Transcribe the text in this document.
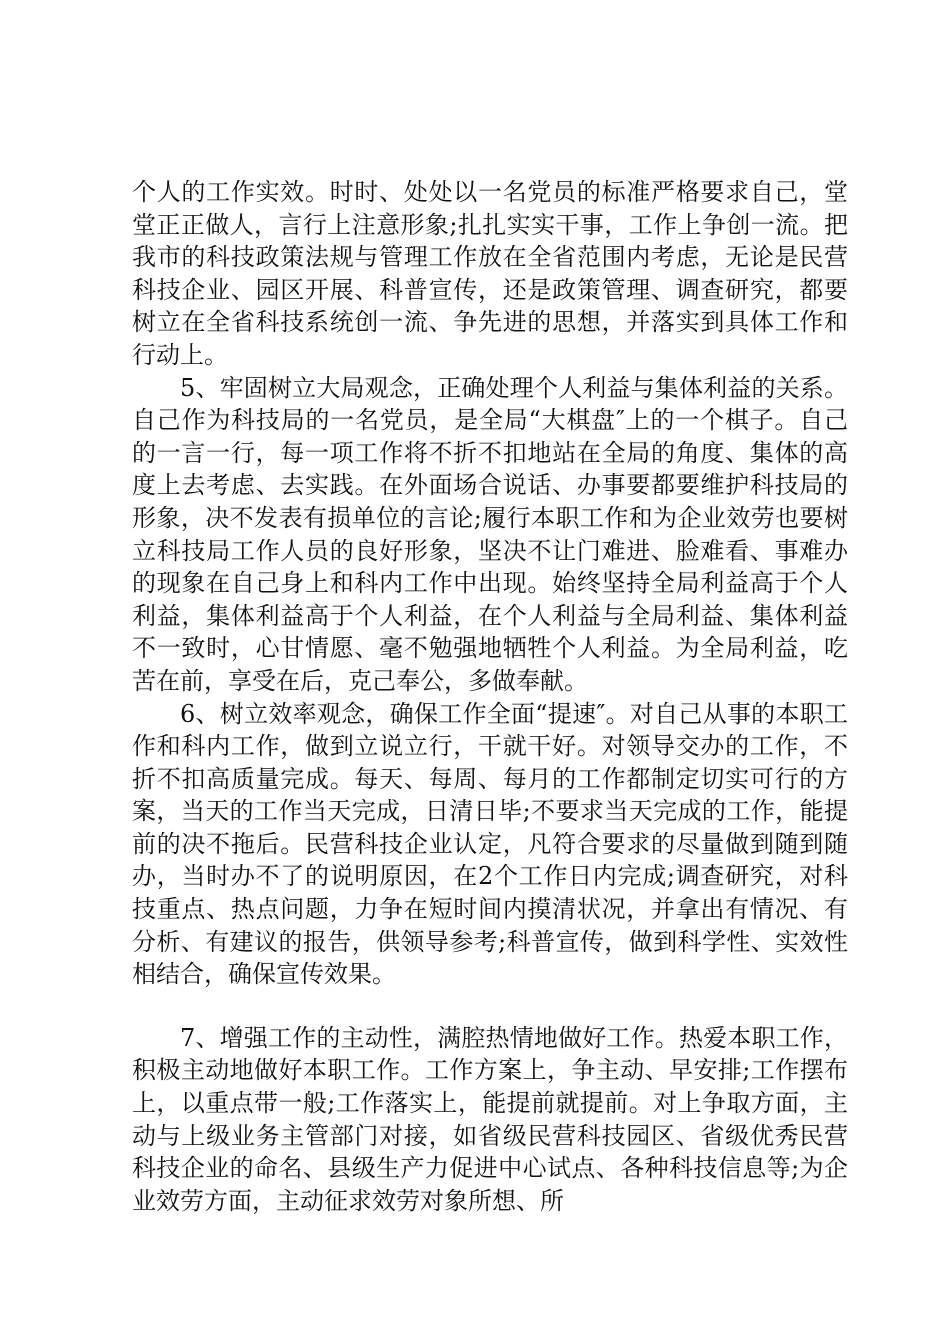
个人的工作实效。时时、处处以一名党员的标准严格要求自己，堂堂正正做人，言行上注意形象;扎扎实实干事，工作上争创一流。把我市的科技政策法规与管理工作放在全省范围内考虑，无论是民营科技企业、园区开展、科普宣传，还是政策管理、调查研究，都要树立在全省科技系统创一流、争先进的思想，并落实到具体工作和行动上。

5、牢固树立大局观念，正确处理个人利益与集体利益的关系。自己作为科技局的一名党员，是全局“大棋盘″上的一个棋子。自己的一言一行，每一项工作将不折不扣地站在全局的角度、集体的高度上去考虑、去实践。在外面场合说话、办事要都要维护科技局的形象，决不发表有损单位的言论;履行本职工作和为企业效劳也要树立科技局工作人员的良好形象，坚决不让门难进、脸难看、事难办的现象在自己身上和科内工作中出现。始终坚持全局利益高于个人利益，集体利益高于个人利益，在个人利益与全局利益、集体利益不一致时，心甘情愿、毫不勉强地牺牲个人利益。为全局利益，吃苦在前，享受在后，克己奉公，多做奉献。

6、树立效率观念，确保工作全面“提速″。对自己从事的本职工作和科内工作，做到立说立行，干就干好。对领导交办的工作，不折不扣高质量完成。每天、每周、每月的工作都制定切实可行的方案，当天的工作当天完成，日清日毕;不要求当天完成的工作，能提前的决不拖后。民营科技企业认定，凡符合要求的尽量做到随到随办，当时办不了的说明原因，在2个工作日内完成;调查研究，对科技重点、热点问题，力争在短时间内摸清状况，并拿出有情况、有分析、有建议的报告，供领导参考;科普宣传，做到科学性、实效性相结合，确保宣传效果。

7、增强工作的主动性，满腔热情地做好工作。热爱本职工作，积极主动地做好本职工作。工作方案上，争主动、早安排;工作摆布上，以重点带一般;工作落实上，能提前就提前。对上争取方面，主动与上级业务主管部门对接，如省级民营科技园区、省级优秀民营科技企业的命名、县级生产力促进中心试点、各种科技信息等;为企业效劳方面，主动征求效劳对象所想、所
